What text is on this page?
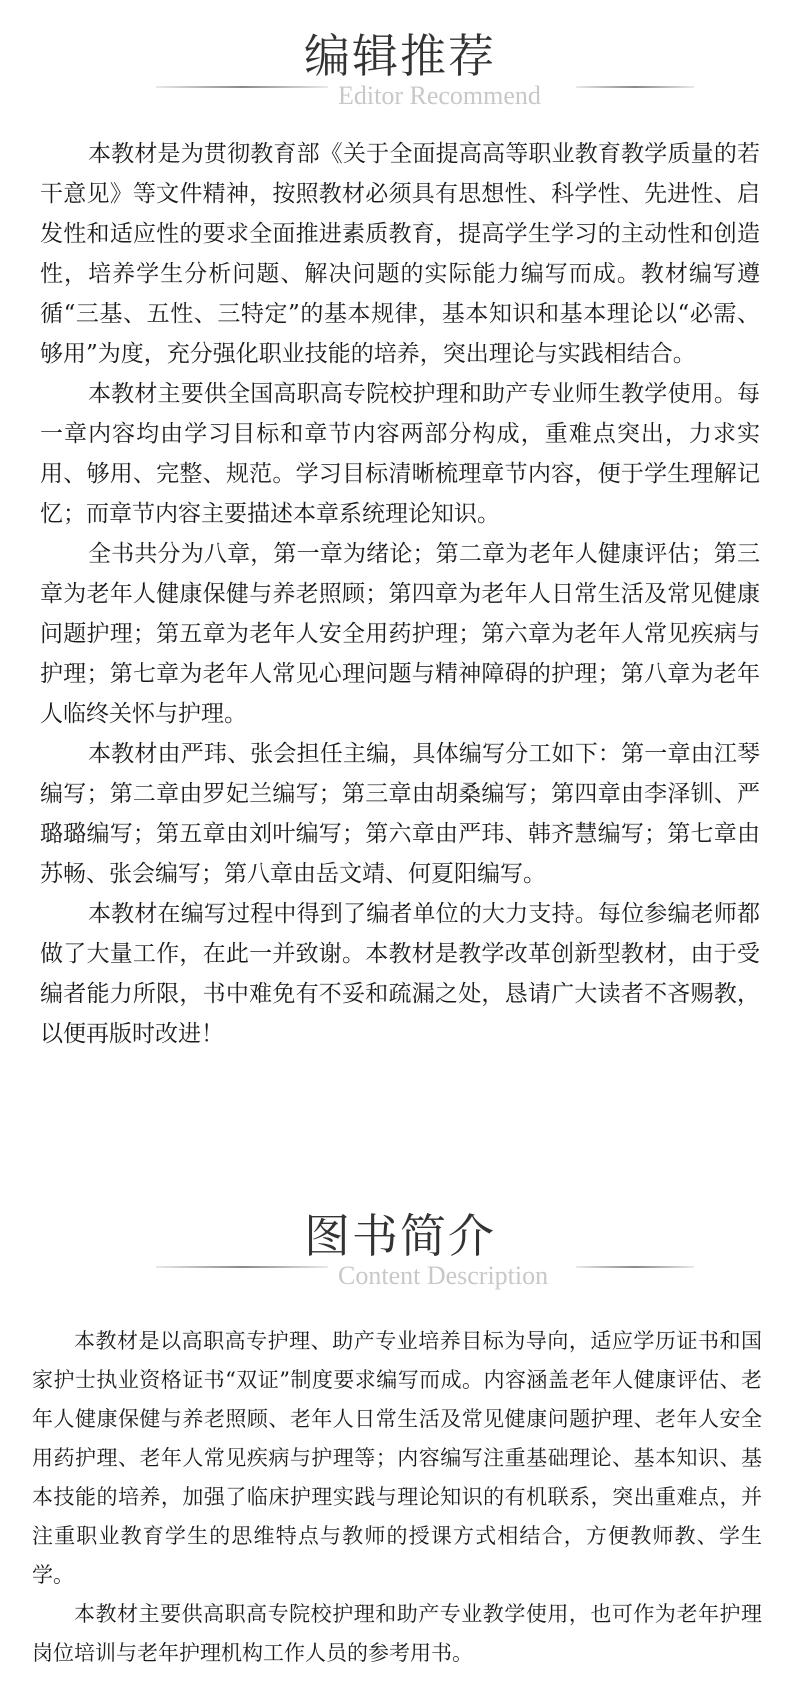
编辑推荐
Editor Recommend

本教材是为贯彻教育部《关于全面提高高等职业教育教学质量的若干意见》等文件精神，按照教材必须具有思想性、科学性、先进性、启发性和适应性的要求全面推进素质教育，提高学生学习的主动性和创造性，培养学生分析问题、解决问题的实际能力编写而成。教材编写遵循“三基、五性、三特定”的基本规律，基本知识和基本理论以“必需、够用”为度，充分强化职业技能的培养，突出理论与实践相结合。

本教材主要供全国高职高专院校护理和助产专业师生教学使用。每一章内容均由学习目标和章节内容两部分构成，重难点突出，力求实用、够用、完整、规范。学习目标清晰梳理章节内容，便于学生理解记忆；而章节内容主要描述本章系统理论知识。

全书共分为八章，第一章为绪论；第二章为老年人健康评估；第三章为老年人健康保健与养老照顾；第四章为老年人日常生活及常见健康问题护理；第五章为老年人安全用药护理；第六章为老年人常见疾病与护理；第七章为老年人常见心理问题与精神障碍的护理；第八章为老年人临终关怀与护理。

本教材由严玮、张会担任主编，具体编写分工如下：第一章由江琴编写；第二章由罗妃兰编写；第三章由胡桑编写；第四章由李泽钏、严璐璐编写；第五章由刘叶编写；第六章由严玮、韩齐慧编写；第七章由苏畅、张会编写；第八章由岳文靖、何夏阳编写。

本教材在编写过程中得到了编者单位的大力支持。每位参编老师都做了大量工作，在此一并致谢。本教材是教学改革创新型教材，由于受编者能力所限，书中难免有不妥和疏漏之处，恳请广大读者不吝赐教，以便再版时改进！

图书简介
Content Description

本教材是以高职高专护理、助产专业培养目标为导向，适应学历证书和国家护士执业资格证书“双证”制度要求编写而成。内容涵盖老年人健康评估、老年人健康保健与养老照顾、老年人日常生活及常见健康问题护理、老年人安全用药护理、老年人常见疾病与护理等；内容编写注重基础理论、基本知识、基本技能的培养，加强了临床护理实践与理论知识的有机联系，突出重难点，并注重职业教育学生的思维特点与教师的授课方式相结合，方便教师教、学生学。

本教材主要供高职高专院校护理和助产专业教学使用，也可作为老年护理岗位培训与老年护理机构工作人员的参考用书。
